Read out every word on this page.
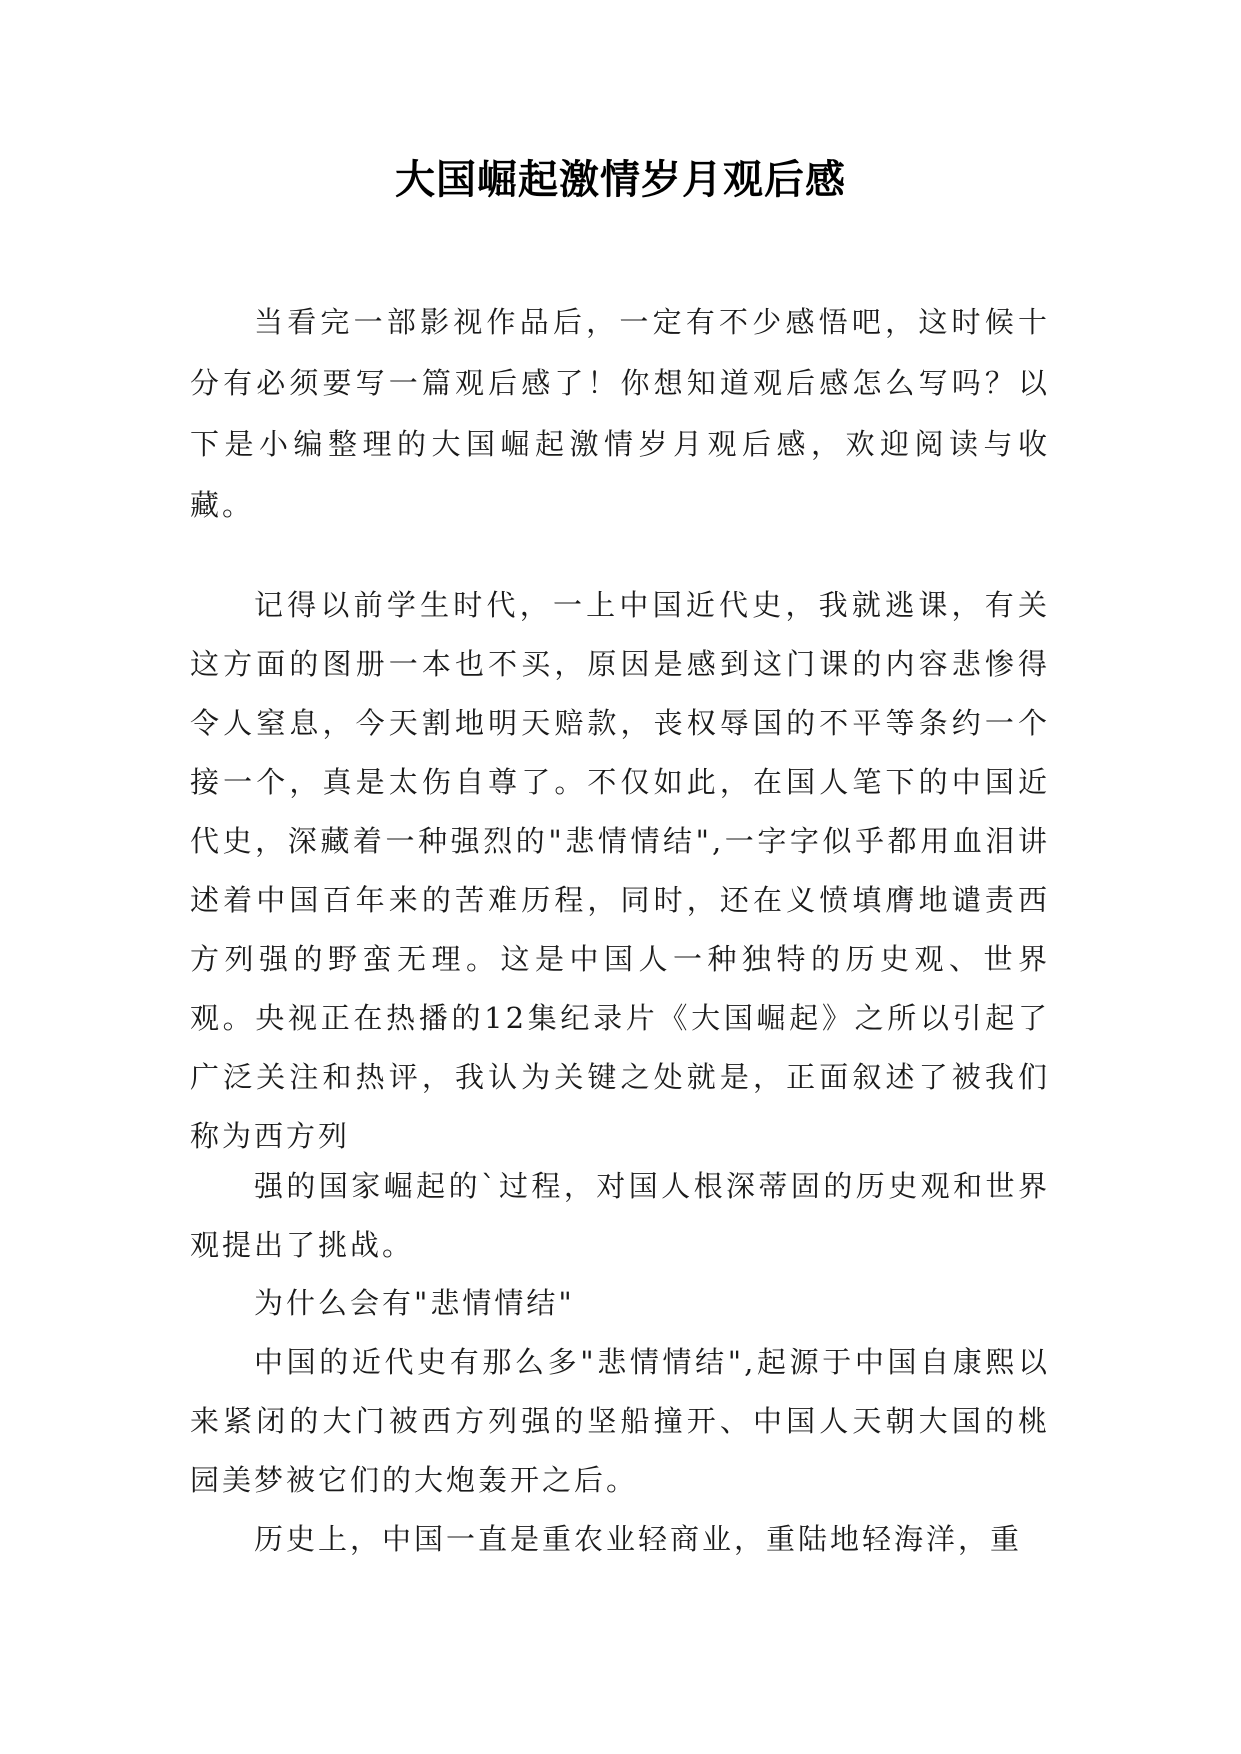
大国崛起激情岁月观后感

当看完一部影视作品后，一定有不少感悟吧，这时候十分有必须要写一篇观后感了！你想知道观后感怎么写吗？以下是小编整理的大国崛起激情岁月观后感，欢迎阅读与收藏。

记得以前学生时代，一上中国近代史，我就逃课，有关这方面的图册一本也不买，原因是感到这门课的内容悲惨得令人窒息，今天割地明天赔款，丧权辱国的不平等条约一个接一个，真是太伤自尊了。不仅如此，在国人笔下的中国近代史，深藏着一种强烈的"悲情情结",一字字似乎都用血泪讲述着中国百年来的苦难历程，同时，还在义愤填膺地谴责西方列强的野蛮无理。这是中国人一种独特的历史观、世界观。央视正在热播的12集纪录片《大国崛起》之所以引起了广泛关注和热评，我认为关键之处就是，正面叙述了被我们称为西方列

强的国家崛起的`过程，对国人根深蒂固的历史观和世界观提出了挑战。

为什么会有"悲情情结"

中国的近代史有那么多"悲情情结",起源于中国自康熙以来紧闭的大门被西方列强的坚船撞开、中国人天朝大国的桃园美梦被它们的大炮轰开之后。

历史上，中国一直是重农业轻商业，重陆地轻海洋，重
